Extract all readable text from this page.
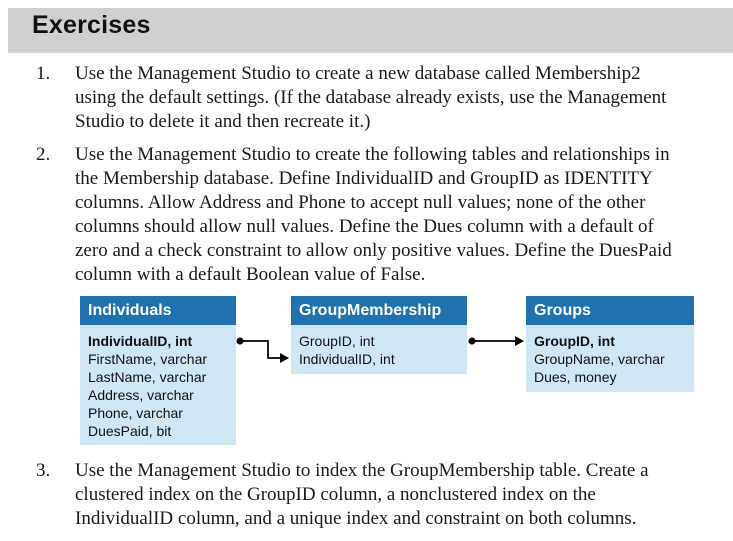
Exercises
1. Use the Management Studio to create a new database called Membership2
using the default settings. (If the database already exists, use the Management
Studio to delete it and then recreate it.)
2. Use the Management Studio to create the following tables and relationships in
the Membership database. Define IndividualID and GroupID as IDENTITY
columns. Allow Address and Phone to accept null values; none of the other
columns should allow null values. Define the Dues column with a default of
zero and a check constraint to allow only positive values. Define the DuesPaid
column with a default Boolean value of False.
Individuals
IndividualID, int
FirstName, varchar
LastName, varchar
Address, varchar
Phone, varchar
DuesPaid, bit
GroupMembership
GroupID, int
IndividualID, int
Groups
GroupID, int
GroupName, varchar
Dues, money
3. Use the Management Studio to index the GroupMembership table. Create a
clustered index on the GroupID column, a nonclustered index on the
IndividualID column, and a unique index and constraint on both columns.
